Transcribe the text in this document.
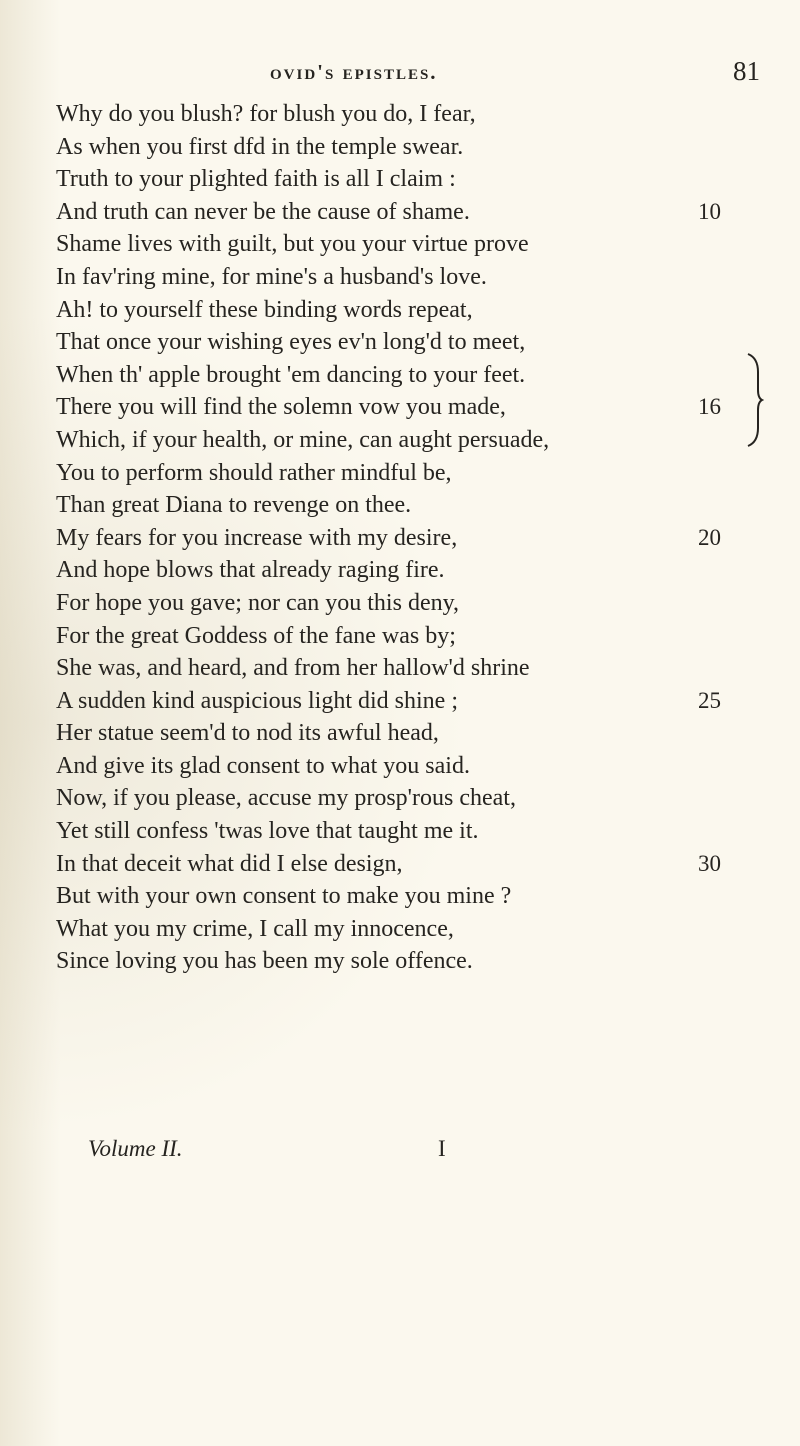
ovid's epistles.	81
Why do you blush? for blush you do, I fear,
As when you first dfd in the temple swear.
Truth to your plighted faith is all I claim :
And truth can never be the cause of shame.	10
Shame lives with guilt, but you your virtue prove
In fav'ring mine, for mine's a husband's love.
Ah! to yourself these binding words repeat,
That once your wishing eyes ev'n long'd to meet,
When th' apple brought 'em dancing to your feet.
There you will find the solemn vow you made,	16
Which, if your health, or mine, can aught persuade,
You to perform should rather mindful be,
Than great Diana to revenge on thee.
My fears for you increase with my desire,	20
And hope blows that already raging fire.
For hope you gave; nor can you this deny,
For the great Goddess of the fane was by;
She was, and heard, and from her hallow'd shrine
A sudden kind auspicious light did shine ;	25
Her statue seem'd to nod its awful head,
And give its glad consent to what you said.
Now, if you please, accuse my prosp'rous cheat,
Yet still confess 'twas love that taught me it.
In that deceit what did I else design,	30
But with your own consent to make you mine ?
What you my crime, I call my innocence,
Since loving you has been my sole offence.
Volume II.	I
